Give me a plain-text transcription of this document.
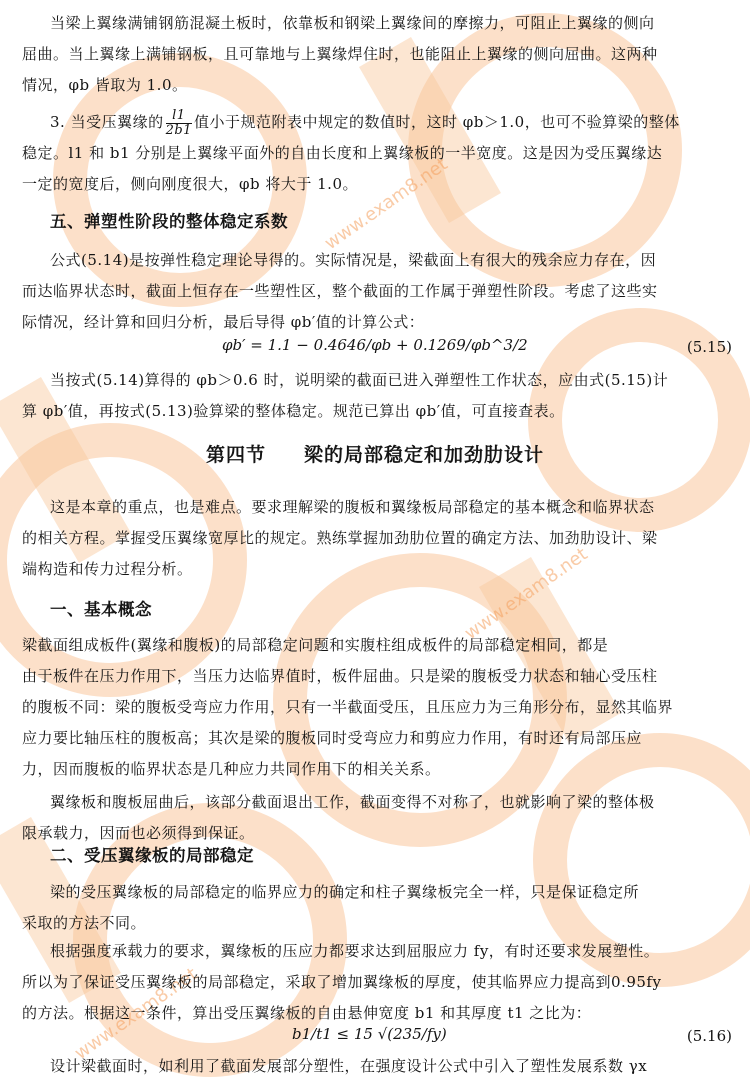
www.exam8.net
www.exam8.net
www.exam8.net
当梁上翼缘满铺钢筋混凝土板时，依靠板和钢梁上翼缘间的摩擦力，可阻止上翼缘的侧向
屈曲。当上翼缘上满铺钢板，且可靠地与上翼缘焊住时，也能阻止上翼缘的侧向屈曲。这两种
情况，φb 皆取为 1.0。
3. 当受压翼缘的 $\frac{l1}{2b1}$ 值小于规范附表中规定的数值时，这时 φb＞1.0，也可不验算梁的整体
稳定。l1 和 b1 分别是上翼缘平面外的自由长度和上翼缘板的一半宽度。这是因为受压翼缘达
一定的宽度后，侧向刚度很大，φb 将大于 1.0。
五、弹塑性阶段的整体稳定系数
公式(5.14)是按弹性稳定理论导得的。实际情况是，梁截面上有很大的残余应力存在，因
而达临界状态时，截面上恒存在一些塑性区，整个截面的工作属于弹塑性阶段。考虑了这些实
际情况，经计算和回归分析，最后导得 φb′值的计算公式：
φb′ = 1.1 − 0.4646/φb + 0.1269/φb^3/2	(5.15)
当按式(5.14)算得的 φb＞0.6 时，说明梁的截面已进入弹塑性工作状态，应由式(5.15)计
算 φb′值，再按式(5.13)验算梁的整体稳定。规范已算出 φb′值，可直接查表。
第四节 梁的局部稳定和加劲肋设计
这是本章的重点，也是难点。要求理解梁的腹板和翼缘板局部稳定的基本概念和临界状态
的相关方程。掌握受压翼缘宽厚比的规定。熟练掌握加劲肋位置的确定方法、加劲肋设计、梁
端构造和传力过程分析。
一、基本概念
梁截面组成板件(翼缘和腹板)的局部稳定问题和实腹柱组成板件的局部稳定相同，都是
由于板件在压力作用下，当压力达临界值时，板件屈曲。只是梁的腹板受力状态和轴心受压柱
的腹板不同：梁的腹板受弯应力作用，只有一半截面受压，且压应力为三角形分布，显然其临界
应力要比轴压柱的腹板高；其次是梁的腹板同时受弯应力和剪应力作用，有时还有局部压应
力，因而腹板的临界状态是几种应力共同作用下的相关关系。
翼缘板和腹板屈曲后，该部分截面退出工作，截面变得不对称了，也就影响了梁的整体极
限承载力，因而也必须得到保证。
二、受压翼缘板的局部稳定
梁的受压翼缘板的局部稳定的临界应力的确定和柱子翼缘板完全一样，只是保证稳定所
采取的方法不同。
根据强度承载力的要求，翼缘板的压应力都要求达到屈服应力 fy，有时还要求发展塑性。
所以为了保证受压翼缘板的局部稳定，采取了增加翼缘板的厚度，使其临界应力提高到0.95fy
的方法。根据这一条件，算出受压翼缘板的自由悬伸宽度 b1 和其厚度 t1 之比为：
b1/t1 ≤ 15 √(235/fy)	(5.16)
设计梁截面时，如利用了截面发展部分塑性，在强度设计公式中引入了塑性发展系数 γx
